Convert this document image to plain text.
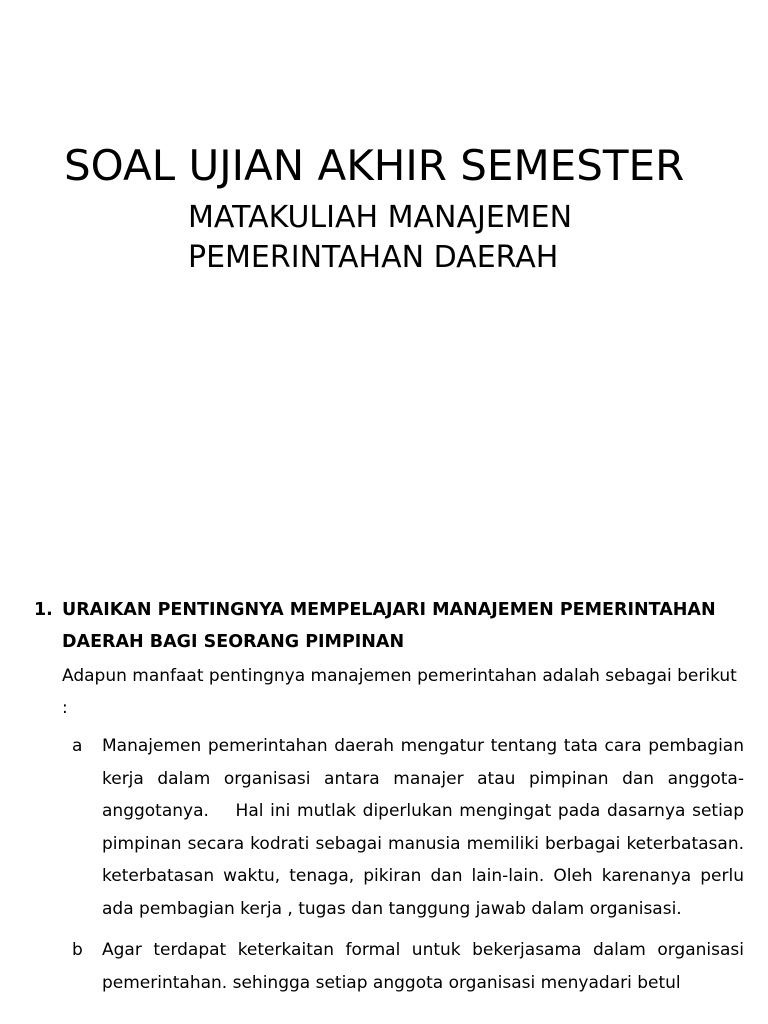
SOAL UJIAN AKHIR SEMESTER
MATAKULIAH MANAJEMEN
PEMERINTAHAN DAERAH
1. URAIKAN PENTINGNYA MEMPELAJARI MANAJEMEN PEMERINTAHAN DAERAH BAGI SEORANG PIMPINAN
Adapun manfaat pentingnya manajemen pemerintahan adalah sebagai berikut :
a	Manajemen pemerintahan daerah mengatur tentang tata cara pembagian kerja dalam organisasi antara manajer atau pimpinan dan anggota-anggotanya.    Hal ini mutlak diperlukan mengingat pada dasarnya setiap pimpinan secara kodrati sebagai manusia memiliki berbagai keterbatasan. keterbatasan waktu, tenaga, pikiran dan lain-lain. Oleh karenanya perlu ada pembagian kerja , tugas dan tanggung jawab dalam organisasi.
b	Agar terdapat keterkaitan formal untuk bekerjasama dalam organisasi pemerintahan. sehingga setiap anggota organisasi menyadari betul
